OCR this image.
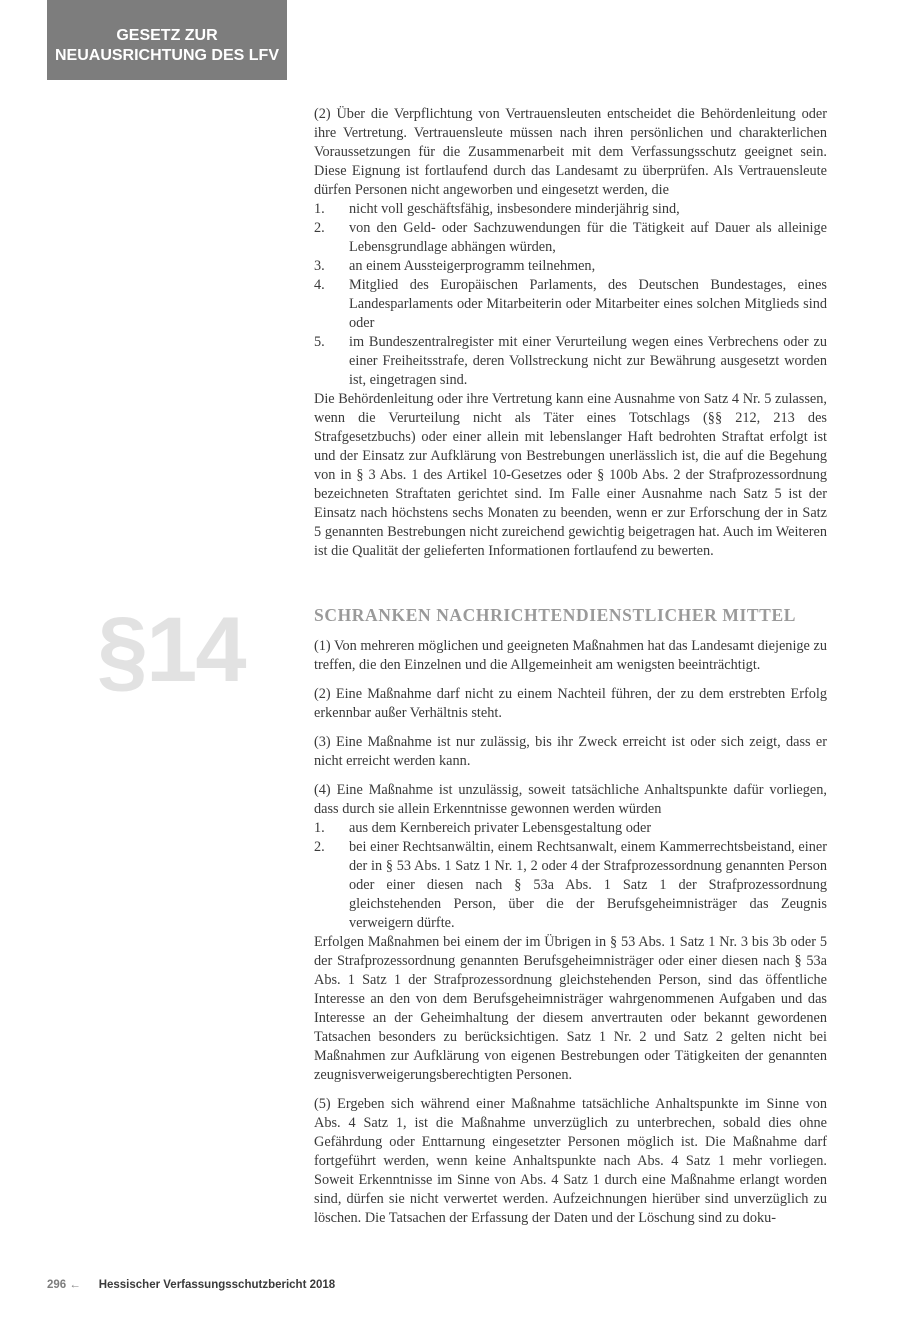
GESETZ ZUR
NEUAUSRICHTUNG DES LFV
§14

(2) Über die Verpflichtung von Vertrauensleuten entscheidet die Behördenleitung oder ihre Vertretung. Vertrauensleute müssen nach ihren persönlichen und charakterlichen Voraussetzungen für die Zusammenarbeit mit dem Verfassungsschutz geeignet sein. Diese Eignung ist fortlaufend durch das Landesamt zu überprüfen. Als Vertrauensleute dürfen Personen nicht angeworben und eingesetzt werden, die

1.	nicht voll geschäftsfähig, insbesondere minderjährig sind,
2.	von den Geld- oder Sachzuwendungen für die Tätigkeit auf Dauer als alleinige Lebensgrundlage abhängen würden,
3.	an einem Aussteigerprogramm teilnehmen,
4.	Mitglied des Europäischen Parlaments, des Deutschen Bundestages, eines Landesparlaments oder Mitarbeiterin oder Mitarbeiter eines solchen Mitglieds sind oder
5.	im Bundeszentralregister mit einer Verurteilung wegen eines Verbrechens oder zu einer Freiheitsstrafe, deren Vollstreckung nicht zur Bewährung ausgesetzt worden ist, eingetragen sind.

Die Behördenleitung oder ihre Vertretung kann eine Ausnahme von Satz 4 Nr. 5 zulassen, wenn die Verurteilung nicht als Täter eines Totschlags (§§ 212, 213 des Strafgesetzbuchs) oder einer allein mit lebenslanger Haft bedrohten Straftat erfolgt ist und der Einsatz zur Aufklärung von Bestrebungen unerlässlich ist, die auf die Begehung von in § 3 Abs. 1 des Artikel 10-Gesetzes oder § 100b Abs. 2 der Strafprozessordnung bezeichneten Straftaten gerichtet sind. Im Falle einer Ausnahme nach Satz 5 ist der Einsatz nach höchstens sechs Monaten zu beenden, wenn er zur Erforschung der in Satz 5 genannten Bestrebungen nicht zureichend gewichtig beigetragen hat. Auch im Weiteren ist die Qualität der gelieferten Informationen fortlaufend zu bewerten.

SCHRANKEN NACHRICHTENDIENSTLICHER MITTEL

(1) Von mehreren möglichen und geeigneten Maßnahmen hat das Landesamt diejenige zu treffen, die den Einzelnen und die Allgemeinheit am wenigsten beeinträchtigt.

(2) Eine Maßnahme darf nicht zu einem Nachteil führen, der zu dem erstrebten Erfolg erkennbar außer Verhältnis steht.

(3) Eine Maßnahme ist nur zulässig, bis ihr Zweck erreicht ist oder sich zeigt, dass er nicht erreicht werden kann.

(4) Eine Maßnahme ist unzulässig, soweit tatsächliche Anhaltspunkte dafür vorliegen, dass durch sie allein Erkenntnisse gewonnen werden würden

1.	aus dem Kernbereich privater Lebensgestaltung oder
2.	bei einer Rechtsanwältin, einem Rechtsanwalt, einem Kammerrechtsbeistand, einer der in § 53 Abs. 1 Satz 1 Nr. 1, 2 oder 4 der Strafprozessordnung genannten Person oder einer diesen nach § 53a Abs. 1 Satz 1 der Strafprozessordnung gleichstehenden Person, über die der Berufsgeheimnisträger das Zeugnis verweigern dürfte.

Erfolgen Maßnahmen bei einem der im Übrigen in § 53 Abs. 1 Satz 1 Nr. 3 bis 3b oder 5 der Strafprozessordnung genannten Berufsgeheimnisträger oder einer diesen nach § 53a Abs. 1 Satz 1 der Strafprozessordnung gleichstehenden Person, sind das öffentliche Interesse an den von dem Berufsgeheimnisträger wahrgenommenen Aufgaben und das Interesse an der Geheimhaltung der diesem anvertrauten oder bekannt gewordenen Tatsachen besonders zu berücksichtigen. Satz 1 Nr. 2 und Satz 2 gelten nicht bei Maßnahmen zur Aufklärung von eigenen Bestrebungen oder Tätigkeiten der genannten zeugnisverweigerungsberechtigten Personen.

(5) Ergeben sich während einer Maßnahme tatsächliche Anhaltspunkte im Sinne von Abs. 4 Satz 1, ist die Maßnahme unverzüglich zu unterbrechen, sobald dies ohne Gefährdung oder Enttarnung eingesetzter Personen möglich ist. Die Maßnahme darf fortgeführt werden, wenn keine Anhaltspunkte nach Abs. 4 Satz 1 mehr vorliegen. Soweit Erkenntnisse im Sinne von Abs. 4 Satz 1 durch eine Maßnahme erlangt worden sind, dürfen sie nicht verwertet werden. Aufzeichnungen hierüber sind unverzüglich zu löschen. Die Tatsachen der Erfassung der Daten und der Löschung sind zu doku-

296 ← Hessischer Verfassungsschutzbericht 2018
